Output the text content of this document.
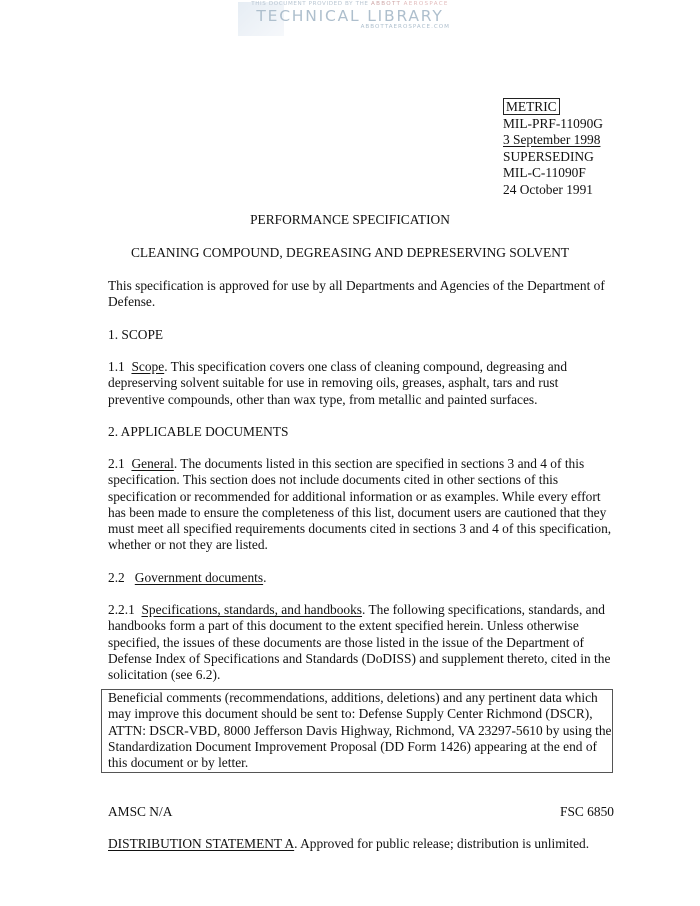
THIS DOCUMENT PROVIDED BY THE ABBOTT AEROSPACE
TECHNICAL LIBRARY
ABBOTTAEROSPACE.COM
METRIC
MIL-PRF-11090G
3 September 1998
SUPERSEDING
MIL-C-11090F
24 October 1991
PERFORMANCE SPECIFICATION
CLEANING COMPOUND, DEGREASING AND DEPRESERVING SOLVENT
This specification is approved for use by all Departments and Agencies of the Department of Defense.
1. SCOPE
1.1 Scope. This specification covers one class of cleaning compound, degreasing and depreserving solvent suitable for use in removing oils, greases, asphalt, tars and rust preventive compounds, other than wax type, from metallic and painted surfaces.
2. APPLICABLE DOCUMENTS
2.1 General. The documents listed in this section are specified in sections 3 and 4 of this specification. This section does not include documents cited in other sections of this specification or recommended for additional information or as examples. While every effort has been made to ensure the completeness of this list, document users are cautioned that they must meet all specified requirements documents cited in sections 3 and 4 of this specification, whether or not they are listed.
2.2 Government documents.
2.2.1 Specifications, standards, and handbooks. The following specifications, standards, and handbooks form a part of this document to the extent specified herein. Unless otherwise specified, the issues of these documents are those listed in the issue of the Department of Defense Index of Specifications and Standards (DoDISS) and supplement thereto, cited in the solicitation (see 6.2).
Beneficial comments (recommendations, additions, deletions) and any pertinent data which may improve this document should be sent to: Defense Supply Center Richmond (DSCR), ATTN: DSCR-VBD, 8000 Jefferson Davis Highway, Richmond, VA 23297-5610 by using the Standardization Document Improvement Proposal (DD Form 1426) appearing at the end of this document or by letter.
AMSC N/A	FSC 6850
DISTRIBUTION STATEMENT A. Approved for public release; distribution is unlimited.
